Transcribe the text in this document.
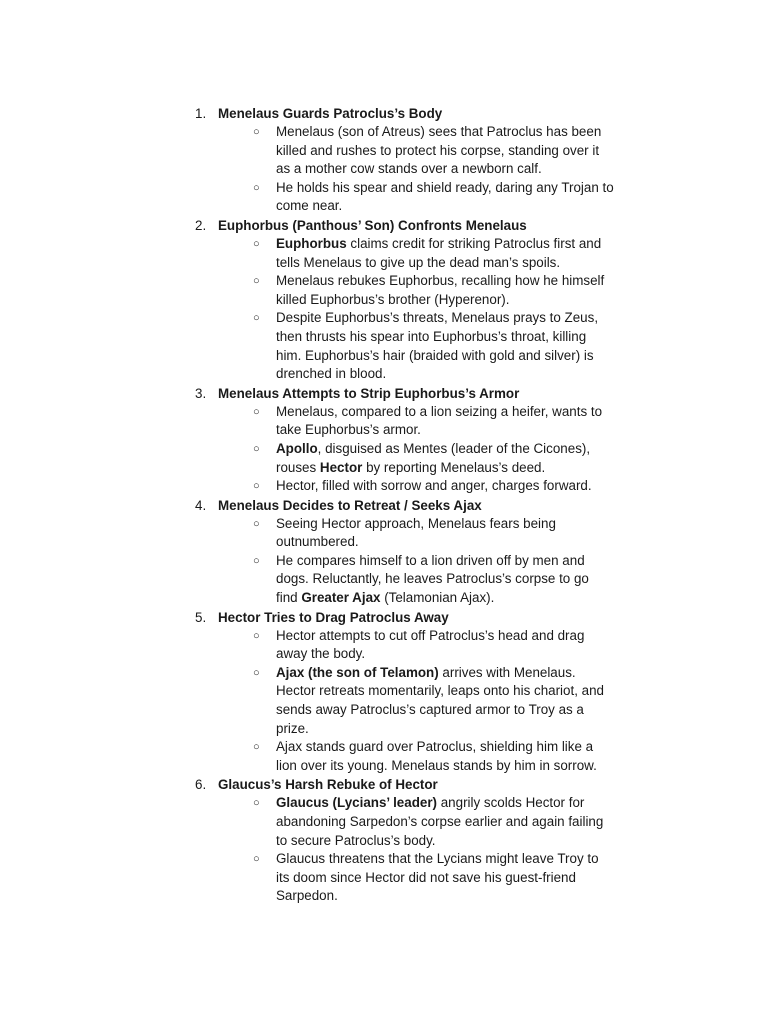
1. Menelaus Guards Patroclus’s Body
○ Menelaus (son of Atreus) sees that Patroclus has been killed and rushes to protect his corpse, standing over it as a mother cow stands over a newborn calf.
○ He holds his spear and shield ready, daring any Trojan to come near.
2. Euphorbus (Panthous’ Son) Confronts Menelaus
○ Euphorbus claims credit for striking Patroclus first and tells Menelaus to give up the dead man’s spoils.
○ Menelaus rebukes Euphorbus, recalling how he himself killed Euphorbus’s brother (Hyperenor).
○ Despite Euphorbus’s threats, Menelaus prays to Zeus, then thrusts his spear into Euphorbus’s throat, killing him. Euphorbus’s hair (braided with gold and silver) is drenched in blood.
3. Menelaus Attempts to Strip Euphorbus’s Armor
○ Menelaus, compared to a lion seizing a heifer, wants to take Euphorbus’s armor.
○ Apollo, disguised as Mentes (leader of the Cicones), rouses Hector by reporting Menelaus’s deed.
○ Hector, filled with sorrow and anger, charges forward.
4. Menelaus Decides to Retreat / Seeks Ajax
○ Seeing Hector approach, Menelaus fears being outnumbered.
○ He compares himself to a lion driven off by men and dogs. Reluctantly, he leaves Patroclus’s corpse to go find Greater Ajax (Telamonian Ajax).
5. Hector Tries to Drag Patroclus Away
○ Hector attempts to cut off Patroclus’s head and drag away the body.
○ Ajax (the son of Telamon) arrives with Menelaus. Hector retreats momentarily, leaps onto his chariot, and sends away Patroclus’s captured armor to Troy as a prize.
○ Ajax stands guard over Patroclus, shielding him like a lion over its young. Menelaus stands by him in sorrow.
6. Glaucus’s Harsh Rebuke of Hector
○ Glaucus (Lycians’ leader) angrily scolds Hector for abandoning Sarpedon’s corpse earlier and again failing to secure Patroclus’s body.
○ Glaucus threatens that the Lycians might leave Troy to its doom since Hector did not save his guest-friend Sarpedon.
